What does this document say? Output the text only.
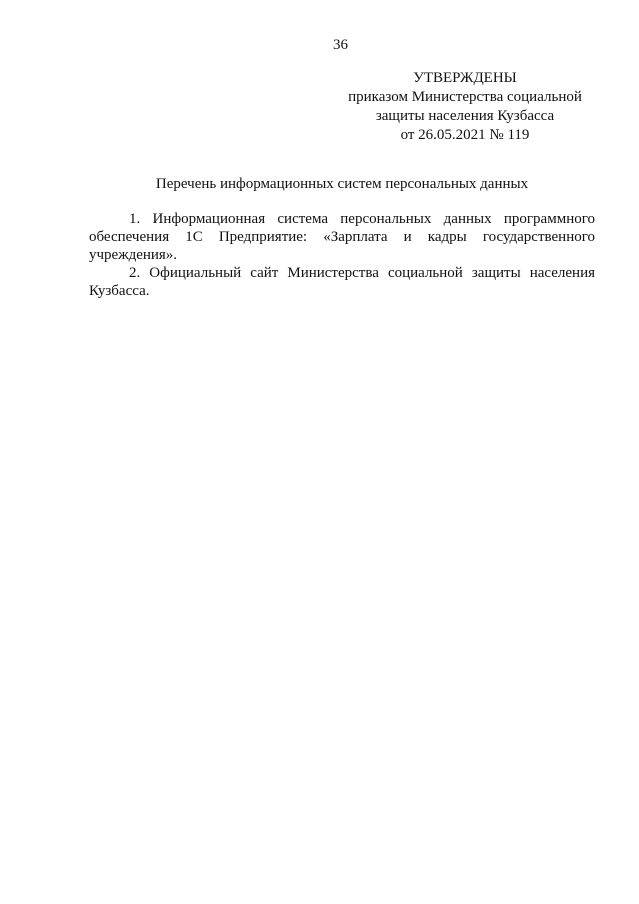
36
УТВЕРЖДЕНЫ
приказом Министерства социальной
защиты населения Кузбасса
от 26.05.2021 № 119
Перечень информационных систем персональных данных

1. Информационная система персональных данных программного обеспечения 1С Предприятие: «Зарплата и кадры государственного учреждения».

2. Официальный сайт Министерства социальной защиты населения Кузбасса.
